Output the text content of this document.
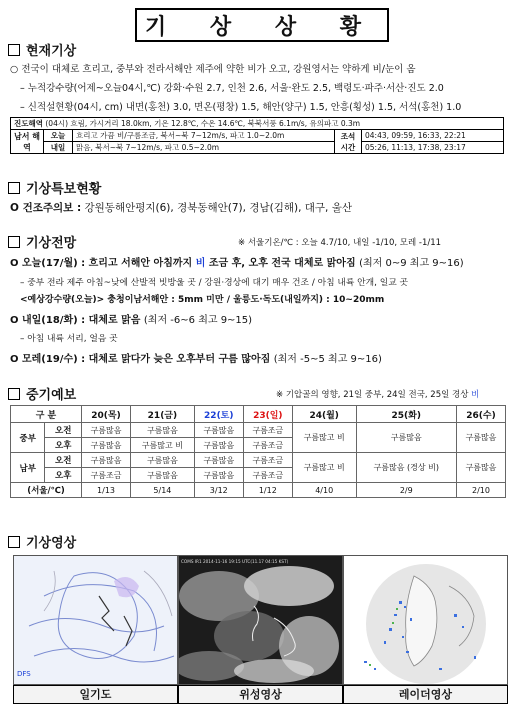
기 상 상 황
현재기상
○ 전국이 대체로 흐리고, 중부와 전라서해안 제주에 약한 비가 오고, 강원영서는 약하게 비/눈이 옴
– 누적강수량(어제~오늘04시,℃) 강화·수원 2.7, 인천 2.6, 서울·완도 2.5, 백령도·파주·서산·진도 2.0
– 신적설현황(04시, cm) 내면(홍천) 3.0, 면온(평창) 1.5, 해안(양구) 1.5, 안흥(횡성) 1.5, 서석(홍천) 1.0
진도해역 (04시) 흐림, 가시거리 18.0km, 기온 12.8℃, 수온 14.6℃, 북북서풍 6.1m/s, 유의파고 0.3m				
남서 해역	오늘	흐리고 가끔 비/구름조금, 북서~북 7~12m/s, 파고 1.0~2.0m	조석 시간	04:43, 09:59, 16:33, 22:21
	내일	맑음, 북서~북 7~12m/s, 파고 0.5~2.0m		05:26, 11:13, 17:38, 23:17
기상특보현황
O 건조주의보 : 강원동해안평지(6), 경북동해안(7), 경남(김해), 대구, 울산
기상전망	※ 서울기온/℃ : 오늘 4.7/10, 내일 -1/10, 모레 -1/11
O 오늘(17/월) : 흐리고 서해안 아침까지 비 조금 후, 오후 전국 대체로 맑아짐 (최저 0~9 최고 9~16)
– 중부 전라 제주 아침~낮에 산발적 빗방울 곳 / 강원·경상에 대기 매우 건조 / 아침 내륙 안개, 일교 곳
<예상강수량(오늘)> 충청이남서해안 : 5mm 미만 / 울릉도·독도(내일까지) : 10~20mm
O 내일(18/화) : 대체로 맑음 (최저 -6~6 최고 9~15)
– 아침 내륙 서리, 얼음 곳
O 모레(19/수) : 대체로 맑다가 늦은 오후부터 구름 많아짐 (최저 -5~5 최고 9~16)
중기예보	※ 기압골의 영향, 21일 중부, 24일 전국, 25일 경상 비
구 분		20(목)	21(금)	22(토)	23(일)	24(월)	25(화)	26(수)
중부	오전	구름많음	구름많음	구름많음	구름조금	구름많고 비	구름많음	구름많음
	오후	구름많음	구름많고 비	구름많음	구름조금			
남부	오전	구름많음	구름많음	구름많음	구름조금	구름많고 비	구름많음 (경상 비)	구름많음
	오후	구름조금	구름많음	구름많음	구름조금			
(서울/℃)		1/13	5/14	3/12	1/12	4/10	2/9	2/10
기상영상
DFS
일기도
COMS IR1 2014-11-16 19:15 UTC(11.17 04:15 KST)
위성영상	레이더영상
